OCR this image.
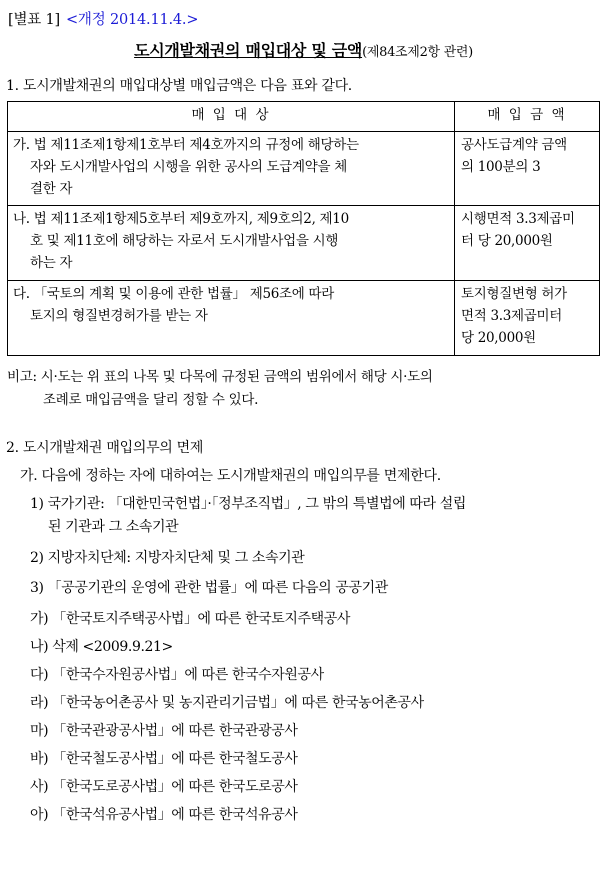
[별표 1] <개정 2014.11.4.>
도시개발채권의 매입대상 및 금액(제84조제2항 관련)
1. 도시개발채권의 매입대상별 매입금액은 다음 표와 같다.
매 입 대 상	매 입 금 액

가. 법 제11조제1항제1호부터 제4호까지의 규정에 해당하는
자와 도시개발사업의 시행을 위한 공사의 도급계약을 체
결한 자	공사도급계약 금액
의 100분의 3

나. 법 제11조제1항제5호부터 제9호까지, 제9호의2, 제10
호 및 제11호에 해당하는 자로서 도시개발사업을 시행
하는 자	시행면적 3.3제곱미
터 당 20,000원

다. 「국토의 계획 및 이용에 관한 법률」 제56조에 따라
토지의 형질변경허가를 받는 자	토지형질변형 허가
면적 3.3제곱미터
당 20,000원
비고: 시·도는 위 표의 나목 및 다목에 규정된 금액의 범위에서 해당 시·도의
조례로 매입금액을 달리 정할 수 있다.
2. 도시개발채권 매입의무의 면제
가. 다음에 정하는 자에 대하여는 도시개발채권의 매입의무를 면제한다.
1) 국가기관: 「대한민국헌법」·「정부조직법」, 그 밖의 특별법에 따라 설립
된 기관과 그 소속기관
2) 지방자치단체: 지방자치단체 및 그 소속기관
3) 「공공기관의 운영에 관한 법률」에 따른 다음의 공공기관
가) 「한국토지주택공사법」에 따른 한국토지주택공사
나) 삭제 <2009.9.21>
다) 「한국수자원공사법」에 따른 한국수자원공사
라) 「한국농어촌공사 및 농지관리기금법」에 따른 한국농어촌공사
마) 「한국관광공사법」에 따른 한국관광공사
바) 「한국철도공사법」에 따른 한국철도공사
사) 「한국도로공사법」에 따른 한국도로공사
아) 「한국석유공사법」에 따른 한국석유공사
